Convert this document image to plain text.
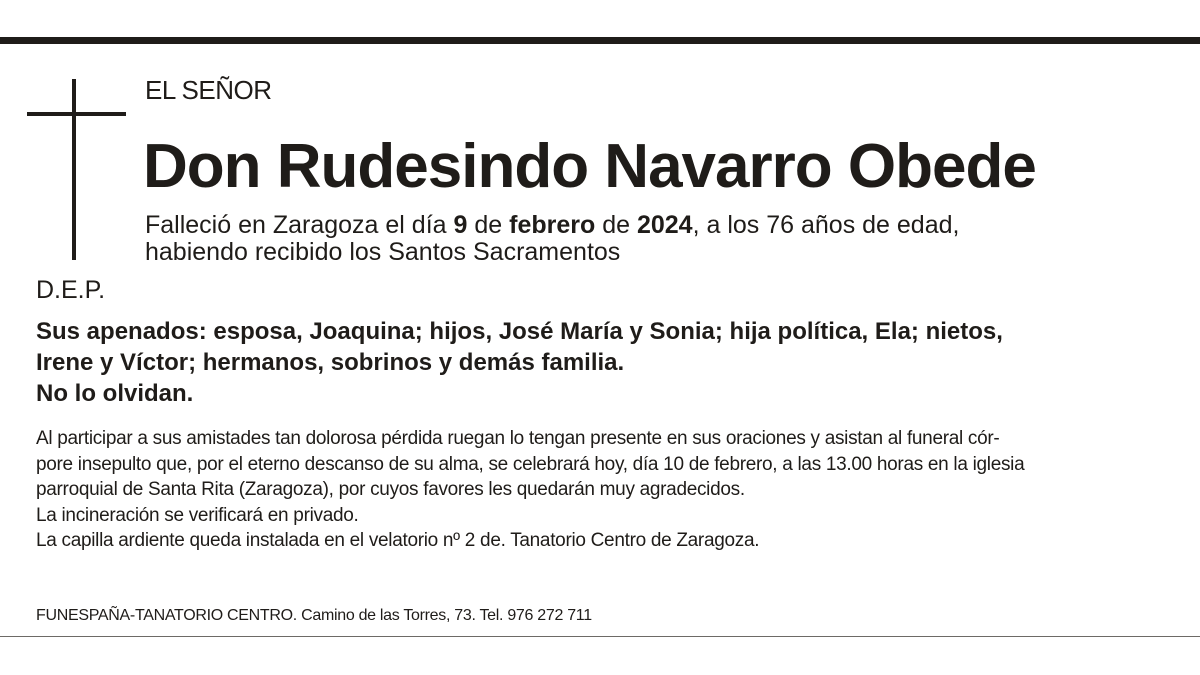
EL SEÑOR
Don Rudesindo Navarro Obede
Falleció en Zaragoza el día 9 de febrero de 2024, a los 76 años de edad,
habiendo recibido los Santos Sacramentos
D.E.P.

Sus apenados: esposa, Joaquina; hijos, José María y Sonia; hija política, Ela; nietos,

Irene y Víctor; hermanos, sobrinos y demás familia.

No lo olvidan.

Al participar a sus amistades tan dolorosa pérdida ruegan lo tengan presente en sus oraciones y asistan al funeral cór-

pore insepulto que, por el eterno descanso de su alma, se celebrará hoy, día 10 de febrero, a las 13.00 horas en la iglesia

parroquial de Santa Rita (Zaragoza), por cuyos favores les quedarán muy agradecidos.

La incineración se verificará en privado.

La capilla ardiente queda instalada en el velatorio nº 2 de. Tanatorio Centro de Zaragoza.

FUNESPAÑA-TANATORIO CENTRO. Camino de las Torres, 73. Tel. 976 272 711
